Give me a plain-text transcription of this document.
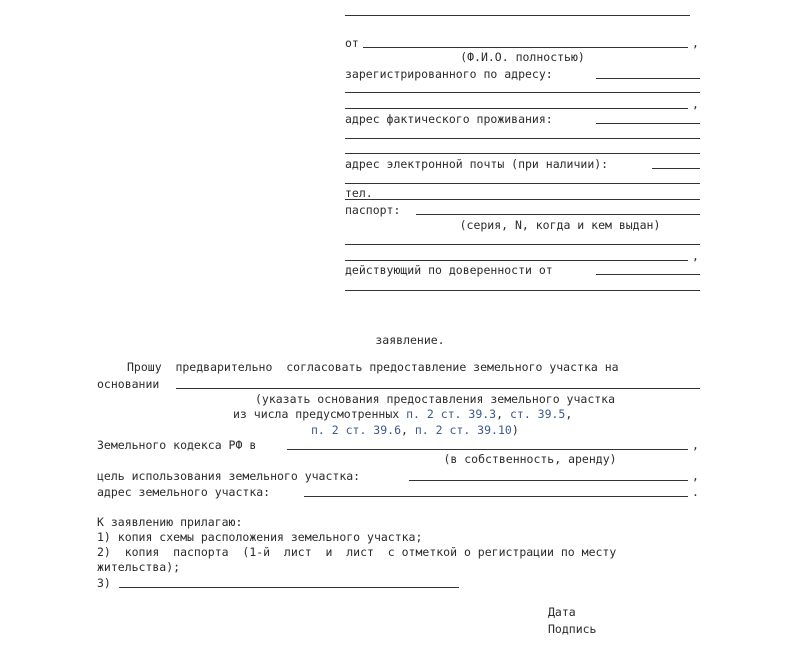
от	,
(Ф.И.О. полностью)
зарегистрированного по адресу:
,
адрес фактического проживания:
адрес электронной почты (при наличии):
тел.
паспорт:
(серия, N, когда и кем выдан)
,
действующий по доверенности от
заявление.
Прошу  предварительно  согласовать предоставление земельного участка на
основании
(указать основания предоставления земельного участка
из числа предусмотренных п. 2 ст. 39.3, ст. 39.5,
п. 2 ст. 39.6, п. 2 ст. 39.10)
Земельного кодекса РФ в	,
(в собственность, аренду)
цель использования земельного участка:	,
адрес земельного участка:	.
К заявлению прилагаю:
1) копия схемы расположения земельного участка;
2)  копия  паспорта  (1-й  лист  и  лист  с отметкой о регистрации по месту
жительства);
3)
Дата
Подпись
